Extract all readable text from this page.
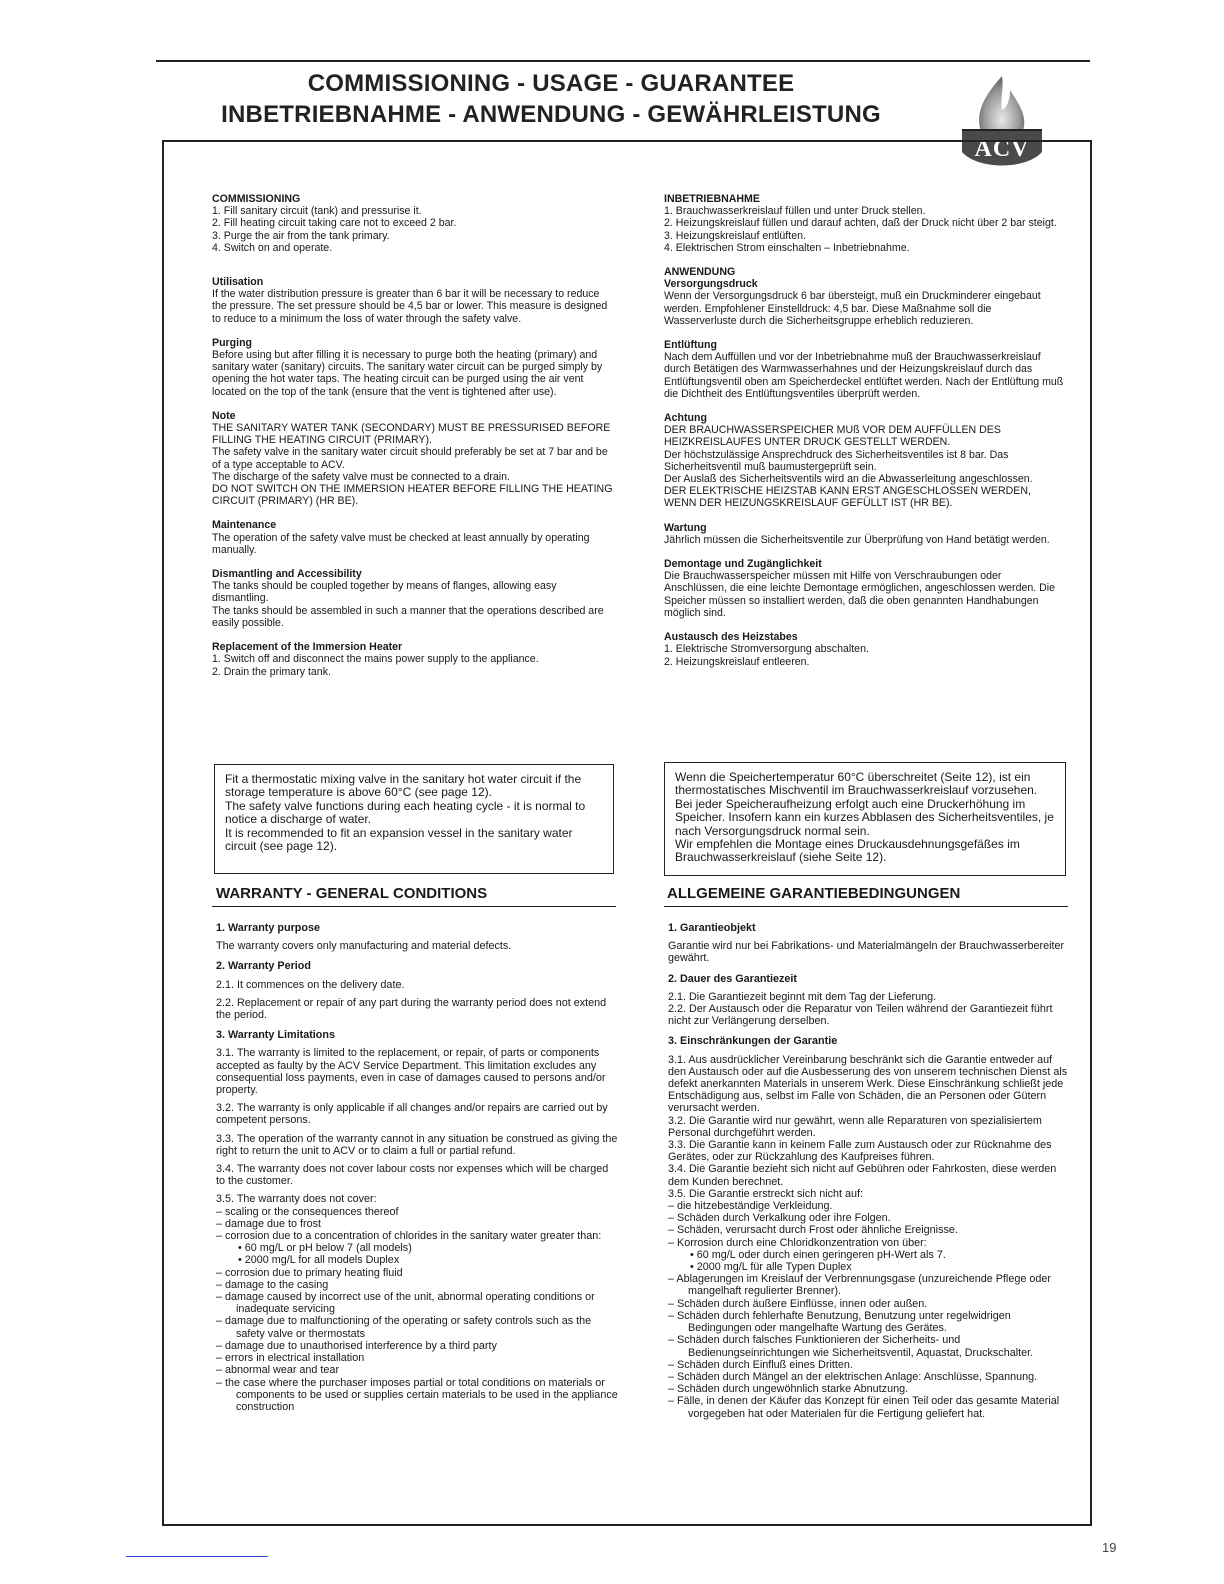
COMMISSIONING - USAGE - GUARANTEE
INBETRIEBNAHME - ANWENDUNG - GEWÄHRLEISTUNG
ACV

COMMISSIONING

1. Fill sanitary circuit (tank) and pressurise it.

2. Fill heating circuit taking care not to exceed 2 bar.

3. Purge the air from the tank primary.

4. Switch on and operate.

Utilisation

If the water distribution pressure is greater than 6 bar it will be necessary to reduce the pressure. The set pressure should be 4,5 bar or lower. This measure is designed to reduce to a minimum the loss of water through the safety valve.

Purging

Before using but after filling it is necessary to purge both the heating (primary) and sanitary water (sanitary) circuits. The sanitary water circuit can be purged simply by opening the hot water taps. The heating circuit can be purged using the air vent located on the top of the tank (ensure that the vent is tightened after use).

Note

THE SANITARY WATER TANK (SECONDARY) MUST BE PRESSURISED BEFORE FILLING THE HEATING CIRCUIT (PRIMARY).

The safety valve in the sanitary water circuit should preferably be set at 7 bar and be of a type acceptable to ACV.

The discharge of the safety valve must be connected to a drain.

DO NOT SWITCH ON THE IMMERSION HEATER BEFORE FILLING THE HEATING CIRCUIT (PRIMARY) (HR BE).

Maintenance

The operation of the safety valve must be checked at least annually by operating manually.

Dismantling and Accessibility

The tanks should be coupled together by means of flanges, allowing easy dismantling.

The tanks should be assembled in such a manner that the operations described are easily possible.

Replacement of the Immersion Heater

1. Switch off and disconnect the mains power supply to the appliance.

2. Drain the primary tank.

INBETRIEBNAHME

1. Brauchwasserkreislauf füllen und unter Druck stellen.

2. Heizungskreislauf füllen und darauf achten, daß der Druck nicht über 2 bar steigt.

3. Heizungskreislauf entlüften.

4. Elektrischen Strom einschalten – Inbetriebnahme.

ANWENDUNG

Versorgungsdruck

Wenn der Versorgungsdruck 6 bar übersteigt, muß ein Druckminderer eingebaut werden. Empfohlener Einstelldruck: 4,5 bar. Diese Maßnahme soll die Wasserverluste durch die Sicherheitsgruppe erheblich reduzieren.

Entlüftung

Nach dem Auffüllen und vor der Inbetriebnahme muß der Brauchwasserkreislauf durch Betätigen des Warmwasserhahnes und der Heizungskreislauf durch das Entlüftungsventil oben am Speicherdeckel entlüftet werden. Nach der Entlüftung muß die Dichtheit des Entlüftungsventiles überprüft werden.

Achtung

DER BRAUCHWASSERSPEICHER MUß VOR DEM AUFFÜLLEN DES HEIZKREISLAUFES UNTER DRUCK GESTELLT WERDEN.

Der höchstzulässige Ansprechdruck des Sicherheitsventiles ist 8 bar. Das Sicherheitsventil muß baumustergeprüft sein.

Der Auslaß des Sicherheitsventils wird an die Abwasserleitung angeschlossen.

DER ELEKTRISCHE HEIZSTAB KANN ERST ANGESCHLOSSEN WERDEN, WENN DER HEIZUNGSKREISLAUF GEFÜLLT IST (HR BE).

Wartung

Jährlich müssen die Sicherheitsventile zur Überprüfung von Hand betätigt werden.

Demontage und Zugänglichkeit

Die Brauchwasserspeicher müssen mit Hilfe von Verschraubungen oder Anschlüssen, die eine leichte Demontage ermöglichen, angeschlossen werden. Die Speicher müssen so installiert werden, daß die oben genannten Handhabungen möglich sind.

Austausch des Heizstabes

1. Elektrische Stromversorgung abschalten.

2. Heizungskreislauf entleeren.

Fit a thermostatic mixing valve in the sanitary hot water circuit if the storage temperature is above 60°C (see page 12).

The safety valve functions during each heating cycle - it is normal to notice a discharge of water.

It is recommended to fit an expansion vessel in the sanitary water circuit (see page 12).

Wenn die Speichertemperatur 60°C überschreitet (Seite 12), ist ein thermostatisches Mischventil im Brauchwasserkreislauf vorzusehen.

Bei jeder Speicheraufheizung erfolgt auch eine Druckerhöhung im Speicher. Insofern kann ein kurzes Abblasen des Sicherheitsventiles, je nach Versorgungsdruck normal sein.

Wir empfehlen die Montage eines Druckausdehnungsgefäßes im Brauchwasserkreislauf (siehe Seite 12).

WARRANTY - GENERAL CONDITIONS	ALLGEMEINE GARANTIEBEDINGUNGEN

1. Warranty purpose

The warranty covers only manufacturing and material defects.

2. Warranty Period

2.1. It commences on the delivery date.

2.2. Replacement or repair of any part during the warranty period does not extend the period.

3. Warranty Limitations

3.1. The warranty is limited to the replacement, or repair, of parts or components accepted as faulty by the ACV Service Department. This limitation excludes any consequential loss payments, even in case of damages caused to persons and/or property.

3.2. The warranty is only applicable if all changes and/or repairs are carried out by competent persons.

3.3. The operation of the warranty cannot in any situation be construed as giving the right to return the unit to ACV or to claim a full or partial refund.

3.4. The warranty does not cover labour costs nor expenses which will be charged to the customer.

3.5. The warranty does not cover:

– scaling or the consequences thereof

– damage due to frost

– corrosion due to a concentration of chlorides in the sanitary water greater than:

• 60 mg/L or pH below 7 (all models)

• 2000 mg/L for all models Duplex

– corrosion due to primary heating fluid

– damage to the casing

– damage caused by incorrect use of the unit, abnormal operating conditions or inadequate servicing

– damage due to malfunctioning of the operating or safety controls such as the safety valve or thermostats

– damage due to unauthorised interference by a third party

– errors in electrical installation

– abnormal wear and tear

– the case where the purchaser imposes partial or total conditions on materials or components to be used or supplies certain materials to be used in the appliance construction

1. Garantieobjekt

Garantie wird nur bei Fabrikations- und Materialmängeln der Brauchwasserbereiter gewährt.

2. Dauer des Garantiezeit

2.1. Die Garantiezeit beginnt mit dem Tag der Lieferung.

2.2. Der Austausch oder die Reparatur von Teilen während der Garantiezeit führt nicht zur Verlängerung derselben.

3. Einschränkungen der Garantie

3.1. Aus ausdrücklicher Vereinbarung beschränkt sich die Garantie entweder auf den Austausch oder auf die Ausbesserung des von unserem technischen Dienst als defekt anerkannten Materials in unserem Werk. Diese Einschränkung schließt jede Entschädigung aus, selbst im Falle von Schäden, die an Personen oder Gütern verursacht werden.

3.2. Die Garantie wird nur gewährt, wenn alle Reparaturen von spezialisiertem Personal durchgeführt werden.

3.3. Die Garantie kann in keinem Falle zum Austausch oder zur Rücknahme des Gerätes, oder zur Rückzahlung des Kaufpreises führen.

3.4. Die Garantie bezieht sich nicht auf Gebühren oder Fahrkosten, diese werden dem Kunden berechnet.

3.5. Die Garantie erstreckt sich nicht auf:

– die hitzebeständige Verkleidung.

– Schäden durch Verkalkung oder ihre Folgen.

– Schäden, verursacht durch Frost oder ähnliche Ereignisse.

– Korrosion durch eine Chloridkonzentration von über:

• 60 mg/L oder durch einen geringeren pH-Wert als 7.

• 2000 mg/L für alle Typen Duplex

– Ablagerungen im Kreislauf der Verbrennungsgase (unzureichende Pflege oder mangelhaft regulierter Brenner).

– Schäden durch äußere Einflüsse, innen oder außen.

– Schäden durch fehlerhafte Benutzung, Benutzung unter regelwidrigen Bedingungen oder mangelhafte Wartung des Gerätes.

– Schäden durch falsches Funktionieren der Sicherheits- und Bedienungseinrichtungen wie Sicherheitsventil, Aquastat, Druckschalter.

– Schäden durch Einfluß eines Dritten.

– Schäden durch Mängel an der elektrischen Anlage: Anschlüsse, Spannung.

– Schäden durch ungewöhnlich starke Abnutzung.

– Fälle, in denen der Käufer das Konzept für einen Teil oder das gesamte Material vorgegeben hat oder Materialen für die Fertigung geliefert hat.

19
